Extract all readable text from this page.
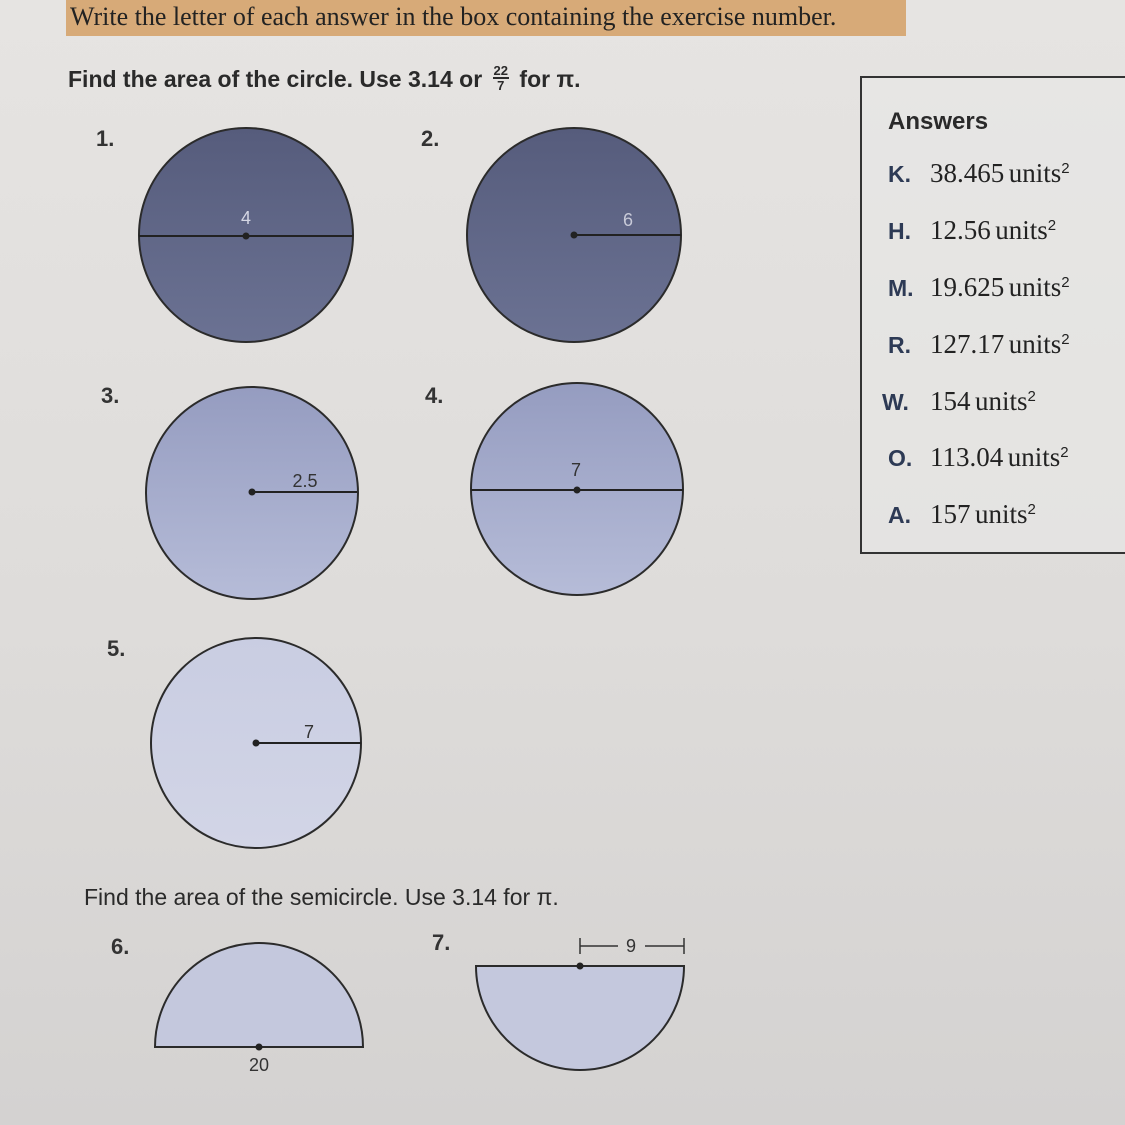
Write the letter of each answer in the box containing the exercise number.
Find the area of the circle. Use 3.14 or $\frac{22}{7}$ for π.
1.	2.
3.	4.
5.
Find the area of the semicircle. Use 3.14 for π.
6.	7.
4	6
2.5
7
7
20
9
Answers
K. 38.465 units$^2$
H. 12.56 units$^2$
M. 19.625 units$^2$
R. 127.17 units$^2$
W. 154 units$^2$
O. 113.04 units$^2$
A. 157 units$^2$
